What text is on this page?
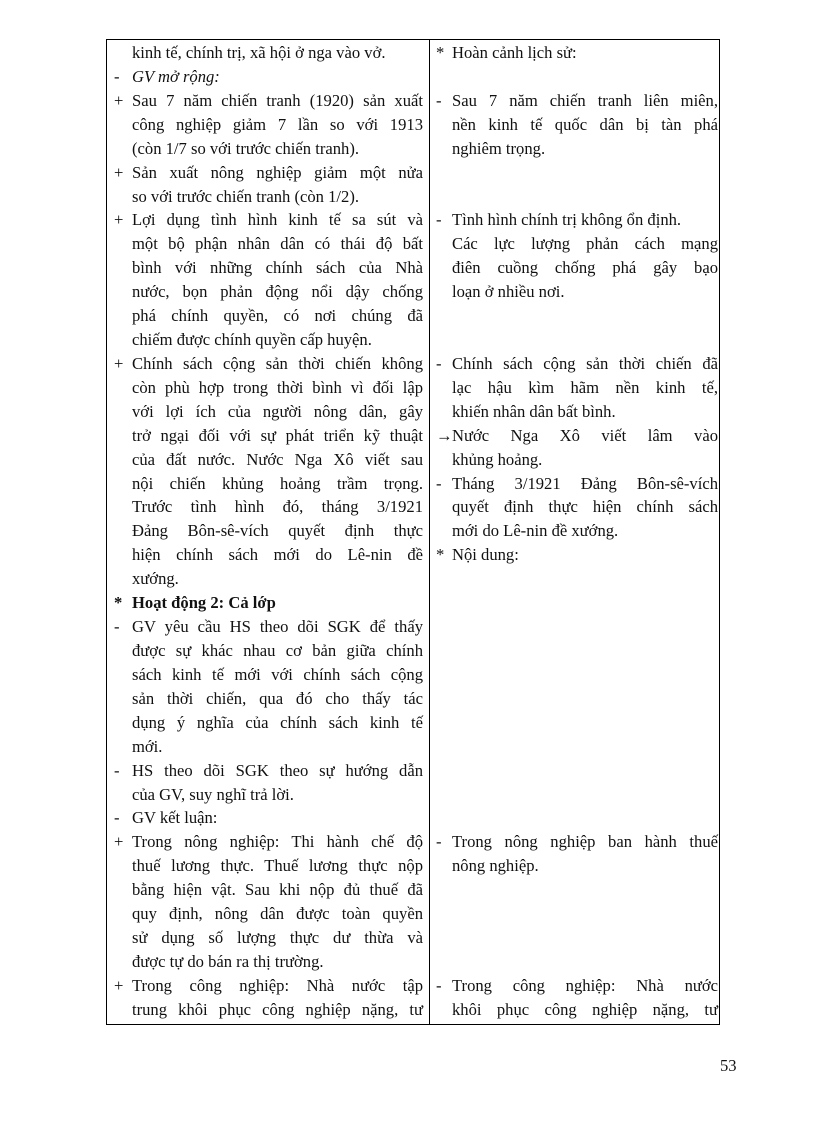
kinh tế, chính trị, xã hội ở nga vào vở.
- GV mở rộng:
+ Sau 7 năm chiến tranh (1920) sản xuất
công nghiệp giảm 7 lần so với 1913
(còn 1/7 so với trước chiến tranh).
+ Sản xuất nông nghiệp giảm một nửa
so với trước chiến tranh (còn 1/2).
+ Lợi dụng tình hình kinh tế sa sút và
một bộ phận nhân dân có thái độ bất
bình với những chính sách của Nhà
nước, bọn phản động nổi dậy chống
phá chính quyền, có nơi chúng đã
chiếm được chính quyền cấp huyện.
+ Chính sách cộng sản thời chiến không
còn phù hợp trong thời bình vì đối lập
với lợi ích của người nông dân, gây
trở ngại đối với sự phát triển kỹ thuật
của đất nước. Nước Nga Xô viết sau
nội chiến khủng hoảng trầm trọng.
Trước tình hình đó, tháng 3/1921
Đảng Bôn-sê-vích quyết định thực
hiện chính sách mới do Lê-nin đề
xướng.
* Hoạt động 2: Cả lớp
- GV yêu cầu HS theo dõi SGK để thấy
được sự khác nhau cơ bản giữa chính
sách kinh tế mới với chính sách cộng
sản thời chiến, qua đó cho thấy tác
dụng ý nghĩa của chính sách kinh tế
mới.
- HS theo dõi SGK theo sự hướng dẫn
của GV, suy nghĩ trả lời.
- GV kết luận:
+ Trong nông nghiệp: Thi hành chế độ
thuế lương thực. Thuế lương thực nộp
bằng hiện vật. Sau khi nộp đủ thuế đã
quy định, nông dân được toàn quyền
sử dụng số lượng thực dư thừa và
được tự do bán ra thị trường.
+ Trong công nghiệp: Nhà nước tập
trung khôi phục công nghiệp nặng, tư
* Hoàn cảnh lịch sử:
- Sau 7 năm chiến tranh liên miên,
nền kinh tế quốc dân bị tàn phá
nghiêm trọng.
- Tình hình chính trị không ổn định.
Các lực lượng phản cách mạng
điên cuồng chống phá gây bạo
loạn ở nhiều nơi.
- Chính sách cộng sản thời chiến đã
lạc hậu kìm hãm nền kinh tế,
khiến nhân dân bất bình.
→ Nước Nga Xô viết lâm vào
khủng hoảng.
- Tháng 3/1921 Đảng Bôn-sê-vích
quyết định thực hiện chính sách
mới do Lê-nin đề xướng.
* Nội dung:
- Trong nông nghiệp ban hành thuế
nông nghiệp.
- Trong công nghiệp: Nhà nước
khôi phục công nghiệp nặng, tư
53
